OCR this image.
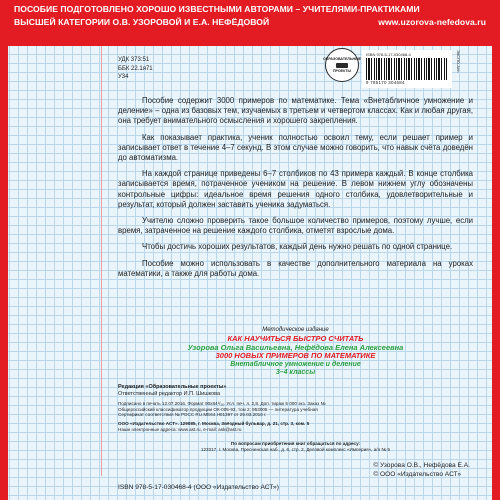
ПОСОБИЕ ПОДГОТОВЛЕНО ХОРОШО ИЗВЕСТНЫМИ АВТОРАМИ – УЧИТЕЛЯМИ-ПРАКТИКАМИ
ВЫСШЕЙ КАТЕГОРИИ О.В. УЗОРОВОЙ И Е.А. НЕФЁДОВОЙ	www.uzorova-nefedova.ru
УДК 373:51
ББК 22.1я71
У34
ОБРАЗОВАТЕЛЬНЫЕ
ПРОЕКТЫ
ISBN 978-5-17-030468-4
9 785170 304684
ЭКСПО-Анн

Пособие содержит 3000 примеров по математике. Тема «Внетабличное умножение и деление» – одна из базовых тем, изучаемых в третьем и четвертом классах. Как и любая другая, она требует внимательного осмысления и хорошего закрепления.

Как показывает практика, ученик полностью освоил тему, если решает пример и записывает ответ в течение 4–7 секунд. В этом случае можно говорить, что навык счёта доведён до автоматизма.

На каждой странице приведены 6–7 столбиков по 43 примера каждый. В конце столбика записывается время, потраченное учеником на решение. В левом нижнем углу обозначены контрольные цифры: идеальное время решения одного столбика, удовлетворительные и результат, который должен заставить ученика задуматься.

Учителю сложно проверить такое большое количество примеров, поэтому лучше, если время, затраченное на решение каждого столбика, отметят взрослые дома.

Чтобы достичь хороших результатов, каждый день нужно решать по одной странице.

Пособие можно использовать в качестве дополнительного материала на уроках математики, а также для работы дома.

Методическое издание
КАК НАУЧИТЬСЯ БЫСТРО СЧИТАТЬ
Узорова Ольга Васильевна, Нефёдова Елена Алексеевна
3000 НОВЫХ ПРИМЕРОВ ПО МАТЕМАТИКЕ
Внетабличное умножение и деление
3–4 классы
Редакция «Образовательные проекты»
Ответственный редактор И.П. Шишкова
Подписано в печать 12.07.2016. Формат 90х84¹/₁₆. Усл. печ. л. 2,8. Доп. тираж 5 000 экз. Заказ №
Общероссийский классификатор продукции ОК-005-93, том 2; 953005 — литература учебная
Сертификат соответствия № РОСС RU.МЕ64.Н01397 от 29.03.2016 г.
ООО «Издательство АСТ». 129085, г. Москва, Звёздный бульвар, д. 21, стр. 3, ком. 5
Наши электронные адреса: www.ast.ru, e-mail: ask@ast.ru
По вопросам приобретения книг обращаться по адресу:
123317, г. Москва, Пресненская наб., д. 6, стр. 2, Деловой комплекс «Империя», а/я № 5
ISBN 978-5-17-030468-4 (ООО «Издательство АСТ»)
© Узорова О.В., Нефёдова Е.А.
© ООО «Издательство АСТ»
